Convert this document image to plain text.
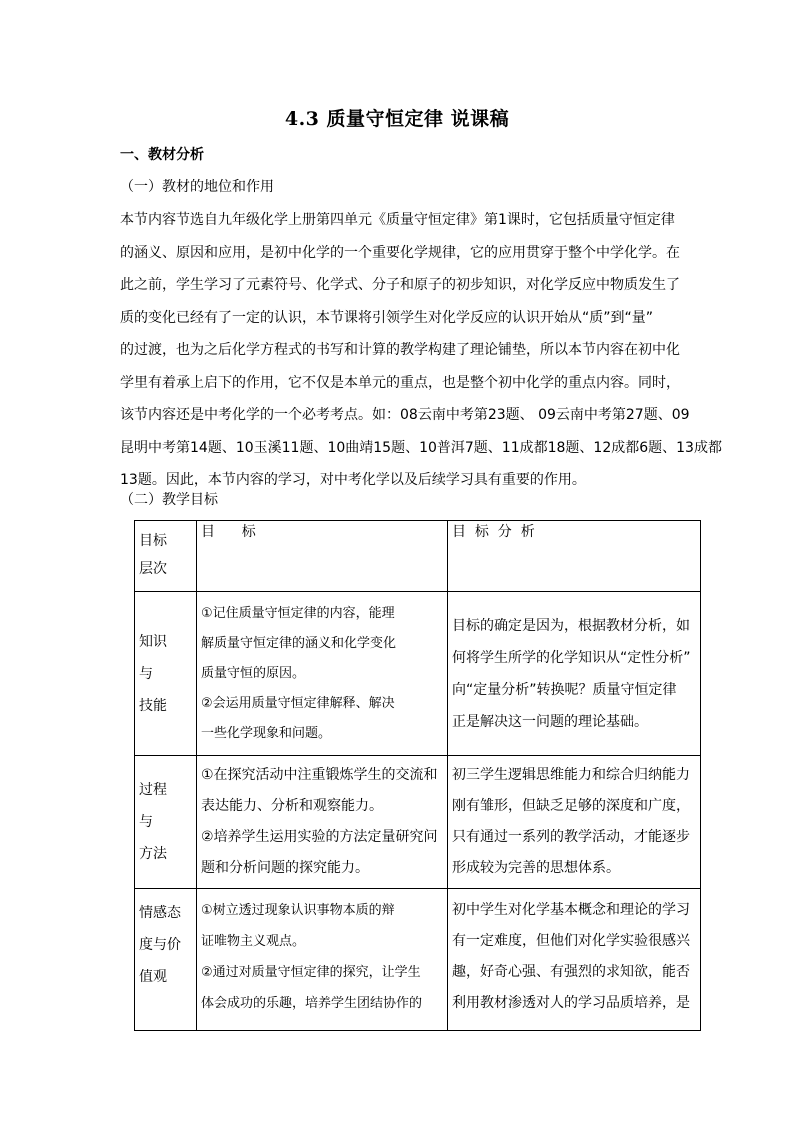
4.3 质量守恒定律 说课稿
一、教材分析
（一）教材的地位和作用
本节内容节选自九年级化学上册第四单元《质量守恒定律》第1课时，它包括质量守恒定律
的涵义、原因和应用，是初中化学的一个重要化学规律，它的应用贯穿于整个中学化学。在
此之前，学生学习了元素符号、化学式、分子和原子的初步知识，对化学反应中物质发生了
质的变化已经有了一定的认识，本节课将引领学生对化学反应的认识开始从“质”到“量”
的过渡，也为之后化学方程式的书写和计算的教学构建了理论铺垫，所以本节内容在初中化
学里有着承上启下的作用，它不仅是本单元的重点，也是整个初中化学的重点内容。同时，
该节内容还是中考化学的一个必考考点。如：08云南中考第23题、 09云南中考第27题、09
昆明中考第14题、10玉溪11题、10曲靖15题、10普洱7题、11成都18题、12成都6题、13成都
13题。因此，本节内容的学习，对中考化学以及后续学习具有重要的作用。
（二）教学目标
目标
层次	目      标	目  标  分  析

知识
与
技能	①记住质量守恒定律的内容，能理
解质量守恒定律的涵义和化学变化
质量守恒的原因。
②会运用质量守恒定律解释、解决
一些化学现象和问题。	目标的确定是因为，根据教材分析，如
何将学生所学的化学知识从“定性分析”
向“定量分析”转换呢？质量守恒定律
正是解决这一问题的理论基础。

过程
与
方法	①在探究活动中注重锻炼学生的交流和
表达能力、分析和观察能力。
②培养学生运用实验的方法定量研究问
题和分析问题的探究能力。	初三学生逻辑思维能力和综合归纳能力
刚有雏形，但缺乏足够的深度和广度，
只有通过一系列的教学活动，才能逐步
形成较为完善的思想体系。

情感态
度与价
值观	①树立透过现象认识事物本质的辩
证唯物主义观点。
②通过对质量守恒定律的探究，让学生
体会成功的乐趣，培养学生团结协作的	初中学生对化学基本概念和理论的学习
有一定难度，但他们对化学实验很感兴
趣，好奇心强、有强烈的求知欲，能否
利用教材渗透对人的学习品质培养，是
